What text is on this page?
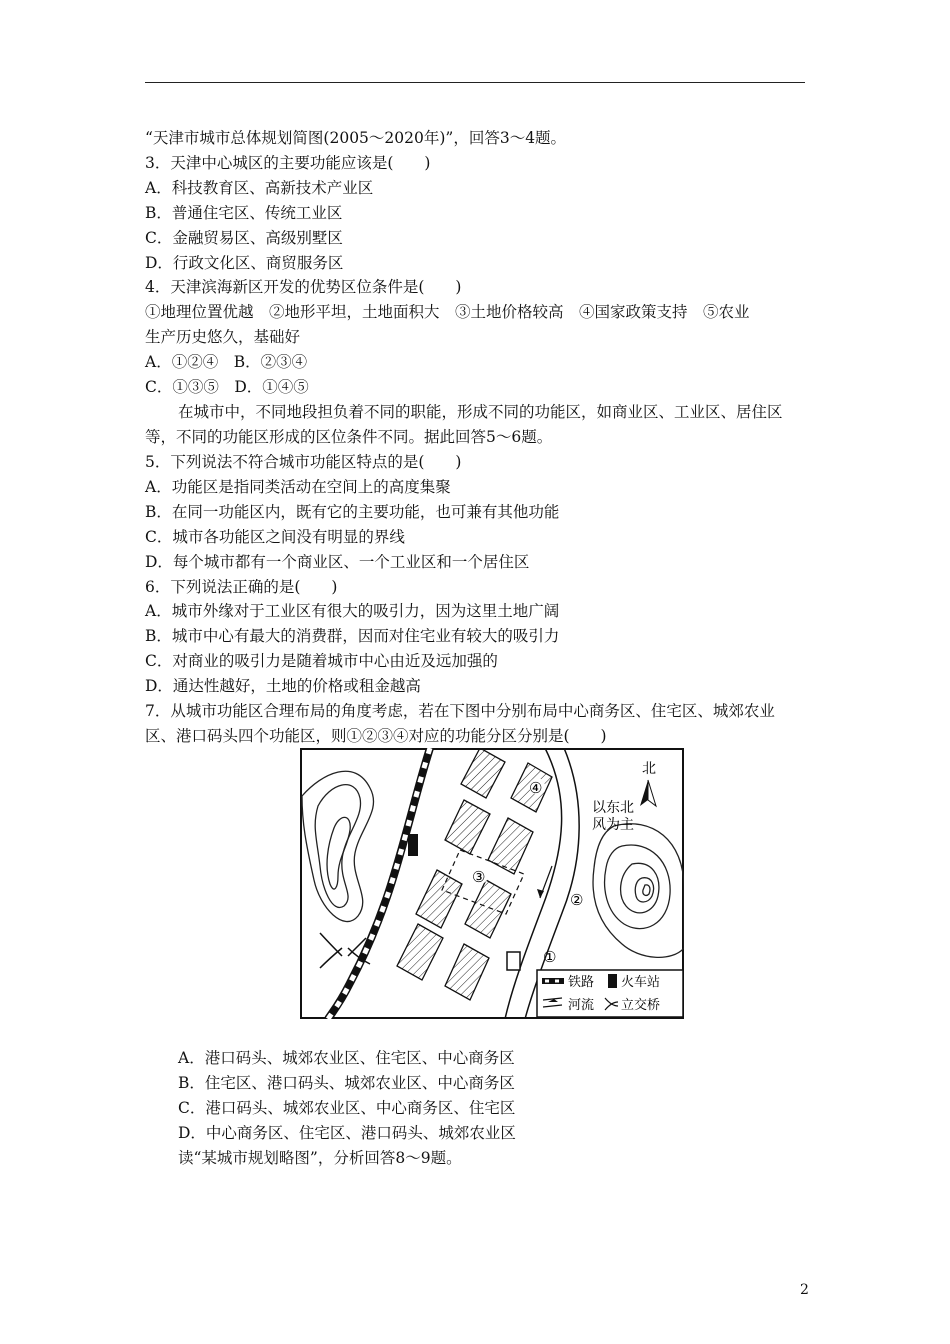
“天津市城市总体规划简图(2005～2020年)”，回答3～4题。
3．天津中心城区的主要功能应该是(　　)
A．科技教育区、高新技术产业区
B．普通住宅区、传统工业区
C．金融贸易区、高级别墅区
D．行政文化区、商贸服务区
4．天津滨海新区开发的优势区位条件是(　　)
①地理位置优越　②地形平坦，土地面积大　③土地价格较高　④国家政策支持　⑤农业
生产历史悠久，基础好
A．①②④　B．②③④
C．①③⑤　D．①④⑤
在城市中，不同地段担负着不同的职能，形成不同的功能区，如商业区、工业区、居住区
等，不同的功能区形成的区位条件不同。据此回答5～6题。
5．下列说法不符合城市功能区特点的是(　　)
A．功能区是指同类活动在空间上的高度集聚
B．在同一功能区内，既有它的主要功能，也可兼有其他功能
C．城市各功能区之间没有明显的界线
D．每个城市都有一个商业区、一个工业区和一个居住区
6．下列说法正确的是(　　)
A．城市外缘对于工业区有很大的吸引力，因为这里土地广阔
B．城市中心有最大的消费群，因而对住宅业有较大的吸引力
C．对商业的吸引力是随着城市中心由近及远加强的
D．通达性越好，土地的价格或租金越高
7．从城市功能区合理布局的角度考虑，若在下图中分别布局中心商务区、住宅区、城郊农业
区、港口码头四个功能区，则①②③④对应的功能分区分别是(　　)
北
以东北
风为主
④
③
②
①
铁路 火车站
河流 立交桥
A．港口码头、城郊农业区、住宅区、中心商务区
B．住宅区、港口码头、城郊农业区、中心商务区
C．港口码头、城郊农业区、中心商务区、住宅区
D．中心商务区、住宅区、港口码头、城郊农业区
读“某城市规划略图”，分析回答8～9题。
2
